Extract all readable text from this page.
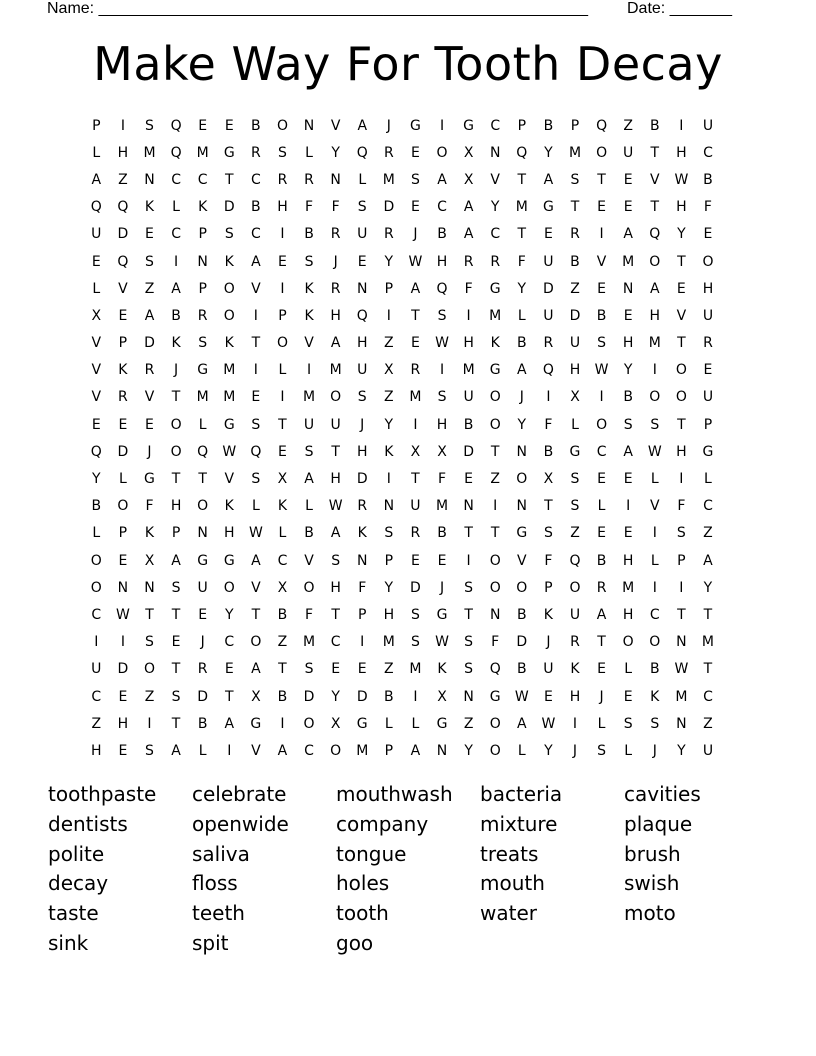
Name: _______________________________________________________ Date: _______
Make Way For Tooth Decay
P	I	S	Q	E	E	B	O	N	V	A	J	G	I	G	C	P	B	P	Q	Z	B	I	U
L	H	M	Q	M	G	R	S	L	Y	Q	R	E	O	X	N	Q	Y	M	O	U	T	H	C
A	Z	N	C	C	T	C	R	R	N	L	M	S	A	X	V	T	A	S	T	E	V	W	B
Q	Q	K	L	K	D	B	H	F	F	S	D	E	C	A	Y	M	G	T	E	E	T	H	F
U	D	E	C	P	S	C	I	B	R	U	R	J	B	A	C	T	E	R	I	A	Q	Y	E
E	Q	S	I	N	K	A	E	S	J	E	Y	W	H	R	R	F	U	B	V	M	O	T	O
L	V	Z	A	P	O	V	I	K	R	N	P	A	Q	F	G	Y	D	Z	E	N	A	E	H
X	E	A	B	R	O	I	P	K	H	Q	I	T	S	I	M	L	U	D	B	E	H	V	U
V	P	D	K	S	K	T	O	V	A	H	Z	E	W	H	K	B	R	U	S	H	M	T	R
V	K	R	J	G	M	I	L	I	M	U	X	R	I	M	G	A	Q	H	W	Y	I	O	E
V	R	V	T	M	M	E	I	M	O	S	Z	M	S	U	O	J	I	X	I	B	O	O	U
E	E	E	O	L	G	S	T	U	U	J	Y	I	H	B	O	Y	F	L	O	S	S	T	P
Q	D	J	O	Q	W	Q	E	S	T	H	K	X	X	D	T	N	B	G	C	A	W	H	G
Y	L	G	T	T	V	S	X	A	H	D	I	T	F	E	Z	O	X	S	E	E	L	I	L
B	O	F	H	O	K	L	K	L	W	R	N	U	M	N	I	N	T	S	L	I	V	F	C
L	P	K	P	N	H	W	L	B	A	K	S	R	B	T	T	G	S	Z	E	E	I	S	Z
O	E	X	A	G	G	A	C	V	S	N	P	E	E	I	O	V	F	Q	B	H	L	P	A
O	N	N	S	U	O	V	X	O	H	F	Y	D	J	S	O	O	P	O	R	M	I	I	Y
C	W	T	T	E	Y	T	B	F	T	P	H	S	G	T	N	B	K	U	A	H	C	T	T
I	I	S	E	J	C	O	Z	M	C	I	M	S	W	S	F	D	J	R	T	O	O	N	M
U	D	O	T	R	E	A	T	S	E	E	Z	M	K	S	Q	B	U	K	E	L	B	W	T
C	E	Z	S	D	T	X	B	D	Y	D	B	I	X	N	G	W	E	H	J	E	K	M	C
Z	H	I	T	B	A	G	I	O	X	G	L	L	G	Z	O	A	W	I	L	S	S	N	Z
H	E	S	A	L	I	V	A	C	O	M	P	A	N	Y	O	L	Y	J	S	L	J	Y	U
toothpaste	celebrate	mouthwash	bacteria	cavities
dentists	openwide	company	mixture	plaque
polite	saliva	tongue	treats	brush
decay	floss	holes	mouth	swish
taste	teeth	tooth	water	moto
sink	spit	goo
